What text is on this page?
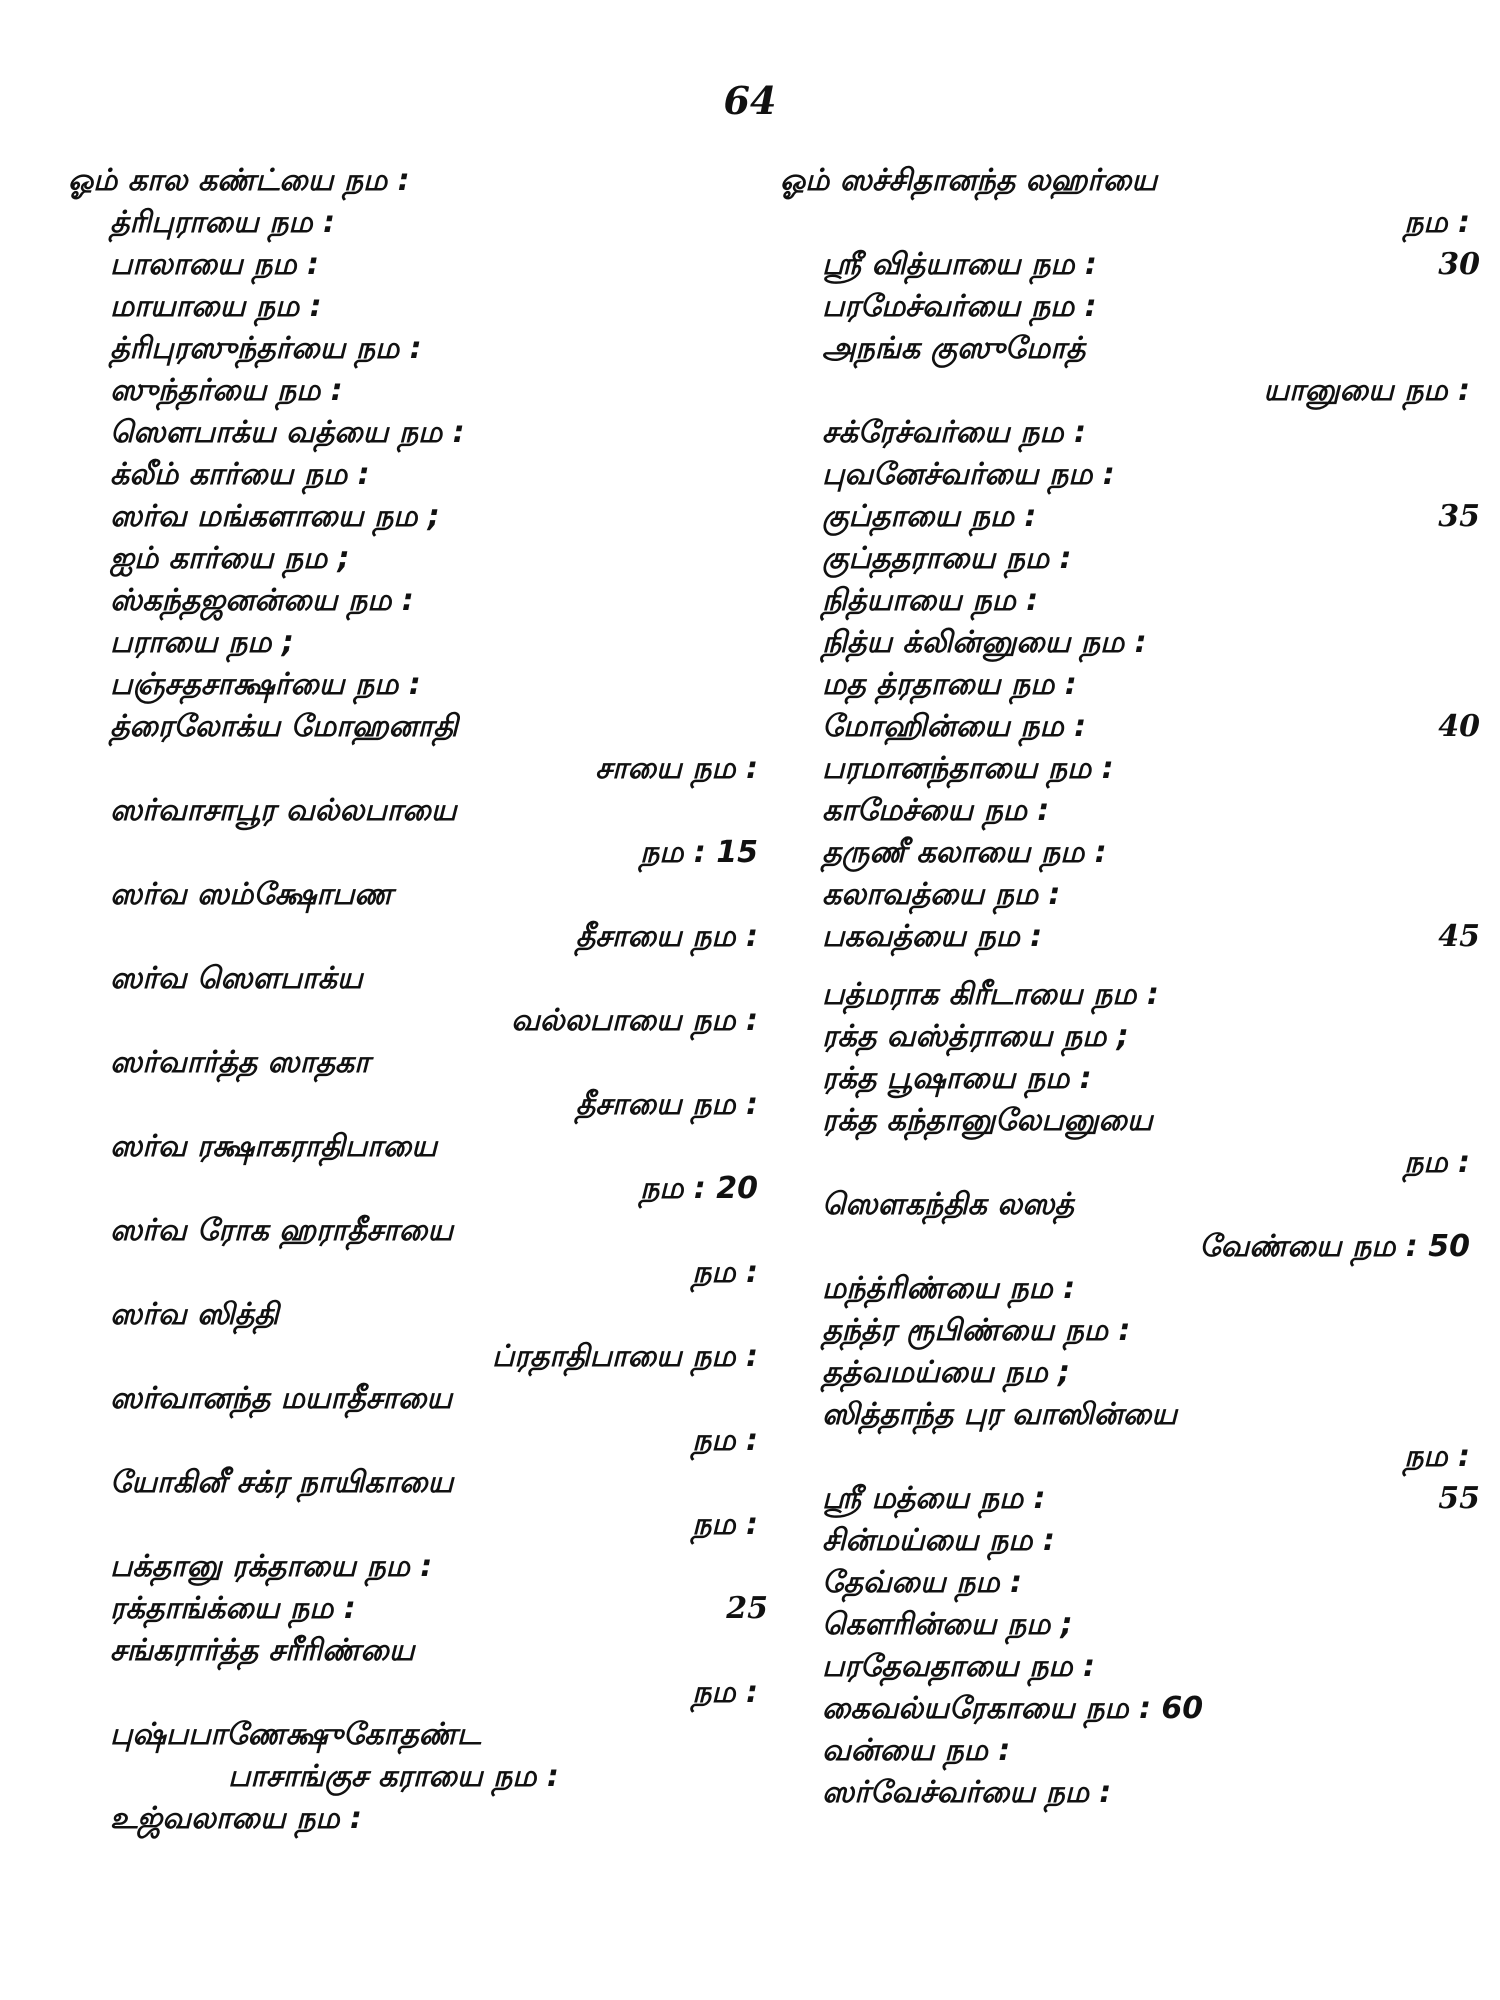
64
ஓம் கால கண்ட்யை நம :
த்ரிபுராயை நம :
பாலாயை நம :
மாயாயை நம :
த்ரிபுரஸுந்தர்யை நம :
ஸுந்தர்யை நம :
ஸௌபாக்ய வத்யை நம :
க்லீம் கார்யை நம :
ஸர்வ மங்களாயை நம ;
ஐம் கார்யை நம ;
ஸ்கந்தஜனன்யை நம :
பராயை நம ;
பஞ்சதசாக்ஷர்யை நம :
த்ரைலோக்ய மோஹனாதி
சாயை நம :
ஸர்வாசாபூர வல்லபாயை
நம : 15
ஸர்வ ஸம்க்ஷோபண
தீசாயை நம :
ஸர்வ ஸௌபாக்ய
வல்லபாயை நம :
ஸர்வார்த்த ஸாதகா
தீசாயை நம :
ஸர்வ ரக்ஷாகராதிபாயை
நம : 20
ஸர்வ ரோக ஹராதீசாயை
நம :
ஸர்வ ஸித்தி
ப்ரதாதிபாயை நம :
ஸர்வானந்த மயாதீசாயை
நம :
யோகினீ சக்ர நாயிகாயை
நம :
பக்தானு ரக்தாயை நம :
ரக்தாங்க்யை நம :	25
சங்கரார்த்த சரீரிண்யை
நம :
புஷ்பபாணேக்ஷுகோதண்ட
பாசாங்குச கராயை நம :
உஜ்வலாயை நம :
ஓம் ஸச்சிதானந்த லஹர்யை
நம :
ஸ்ரீ வித்யாயை நம :	30
பரமேச்வர்யை நம :
அநங்க குஸுமோத்
யானுயை நம :
சக்ரேச்வர்யை நம :
புவனேச்வர்யை நம :
குப்தாயை நம :	35
குப்ததராயை நம :
நித்யாயை நம :
நித்ய க்லின்னுயை நம :
மத த்ரதாயை நம :
மோஹின்யை நம :	40
பரமானந்தாயை நம :
காமேச்யை நம :
தருணீ கலாயை நம :
கலாவத்யை நம :
பகவத்யை நம :	45
பத்மராக கிரீடாயை நம :
ரக்த வஸ்த்ராயை நம ;
ரக்த பூஷாயை நம :
ரக்த கந்தானுலேபனுயை
நம :
ஸௌகந்திக லஸத்
வேண்யை நம : 50
மந்த்ரிண்யை நம :
தந்த்ர ரூபிண்யை நம :
தத்வமய்யை நம ;
ஸித்தாந்த புர வாஸின்யை
நம :
ஸ்ரீ மத்யை நம :	55
சின்மய்யை நம :
தேவ்யை நம :
கௌரின்யை நம ;
பரதேவதாயை நம :
கைவல்யரேகாயை நம : 60
வன்யை நம :
ஸர்வேச்வர்யை நம :
